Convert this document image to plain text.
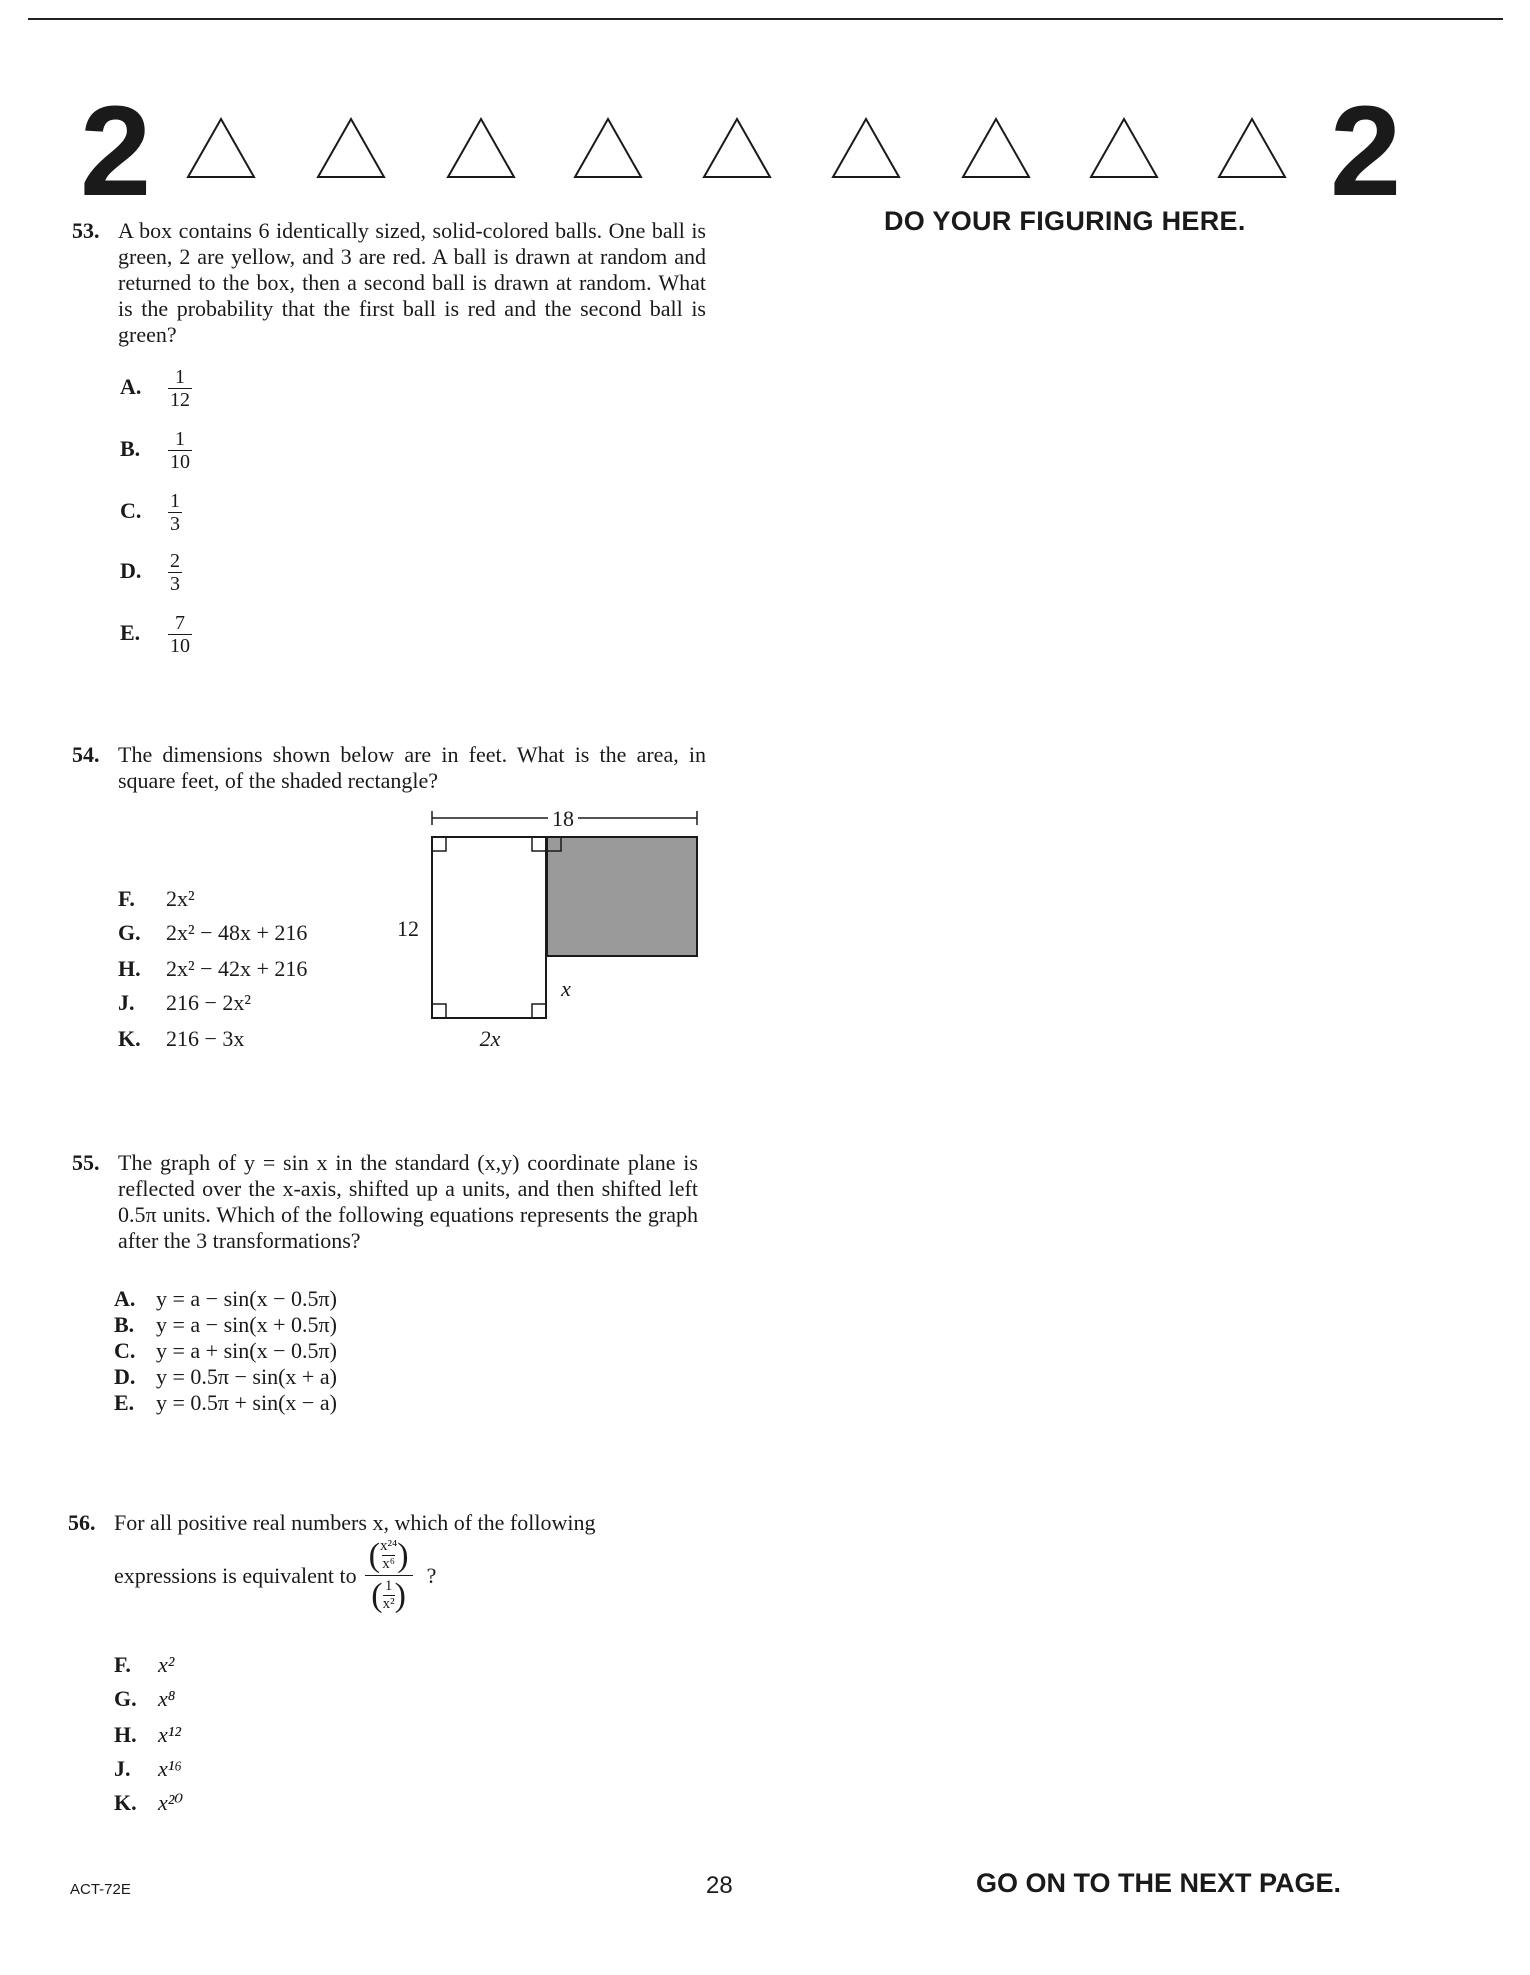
2	2
DO YOUR FIGURING HERE.
53. A box contains 6 identically sized, solid-colored balls. One ball is green, 2 are yellow, and 3 are red. A ball is drawn at random and returned to the box, then a second ball is drawn at random. What is the probability that the first ball is red and the second ball is green?
A. $\frac{1}{12}$
B. $\frac{1}{10}$
C. $\frac{1}{3}$
D. $\frac{2}{3}$
E. $\frac{7}{10}$
54. The dimensions shown below are in feet. What is the area, in square feet, of the shaded rectangle?
F. 2x²
G. 2x² − 48x + 216
H. 2x² − 42x + 216
J. 216 − 2x²
K. 216 − 3x
18
12
x
2x
55. The graph of y = sin x in the standard (x,y) coordinate plane is reflected over the x-axis, shifted up a units, and then shifted left 0.5π units. Which of the following equations represents the graph after the 3 transformations?
A. y = a − sin(x − 0.5π)
B. y = a − sin(x + 0.5π)
C. y = a + sin(x − 0.5π)
D. y = 0.5π − sin(x + a)
E. y = 0.5π + sin(x − a)
56. For all positive real numbers x, which of the following
expressions is equivalent to $\frac{( \frac{\text{x²⁴}}{\text{x⁶}} )}{( \frac{1}{\text{x²}} )}$ ?
F. x²
G. x⁸
H. x¹²
J. x¹⁶
K. x²⁰
ACT-72E	28	GO ON TO THE NEXT PAGE.
